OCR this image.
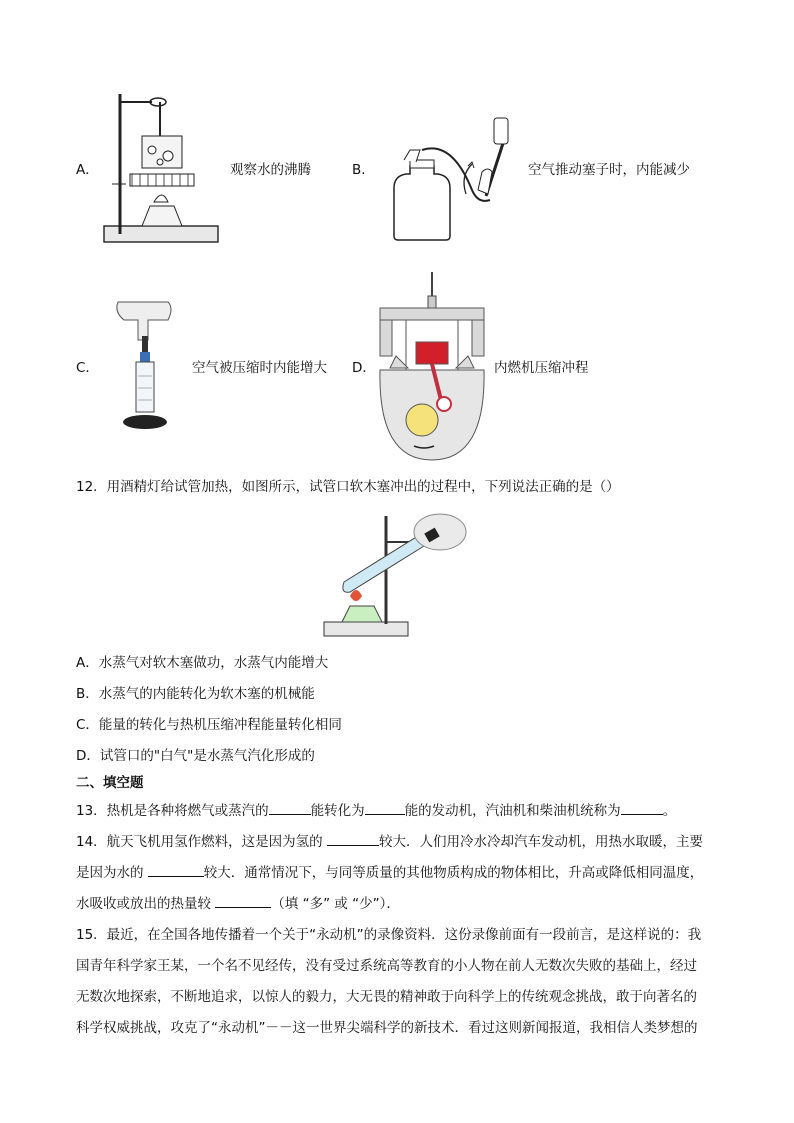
A．	观察水的沸腾	B．	空气推动塞子时，内能减少
C．	空气被压缩时内能增大 D．	内燃机压缩冲程
12．用酒精灯给试管加热，如图所示，试管口软木塞冲出的过程中，下列说法正确的是（）
A．水蒸气对软木塞做功，水蒸气内能增大
B．水蒸气的内能转化为软木塞的机械能
C．能量的转化与热机压缩冲程能量转化相同
D．试管口的"白气"是水蒸气汽化形成的
二、填空题
13．热机是各种将燃气或蒸汽的	能转化为	能的发动机，汽油机和柴油机统称为	。
14．航天飞机用氢作燃料，这是因为氢的	较大．人们用冷水冷却汽车发动机，用热水取暖，主要
是因为水的	较大．通常情况下，与同等质量的其他物质构成的物体相比，升高或降低相同温度，
水吸收或放出的热量较	（填 “多” 或 “少”）．
15．最近，在全国各地传播着一个关于“永动机”的录像资料．这份录像前面有一段前言，是这样说的：我
国青年科学家王某，一个名不见经传，没有受过系统高等教育的小人物在前人无数次失败的基础上，经过
无数次地探索，不断地追求，以惊人的毅力，大无畏的精神敢于向科学上的传统观念挑战，敢于向著名的
科学权威挑战，攻克了“永动机”－－这一世界尖端科学的新技术．看过这则新闻报道，我相信人类梦想的
